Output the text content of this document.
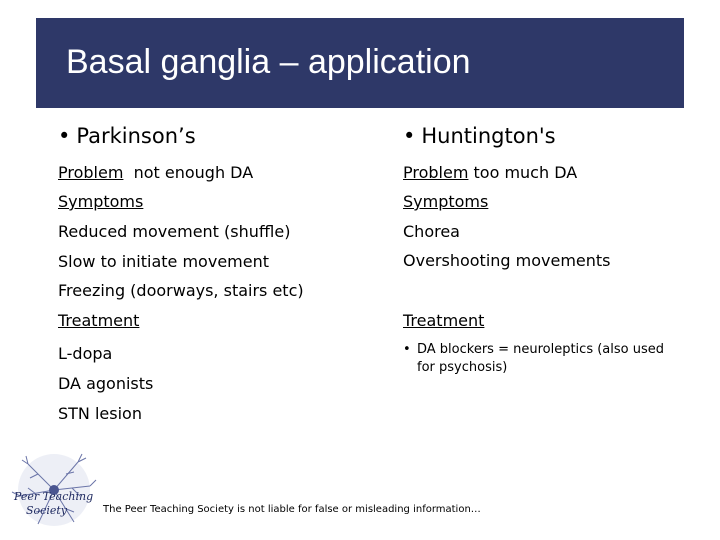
Basal ganglia – application
• Parkinson’s
Problem  not enough DA
Symptoms
Reduced movement (shuffle)
Slow to initiate movement
Freezing (doorways, stairs etc)
Treatment
L-dopa
DA agonists
STN lesion
• Huntington's
Problem too much DA
Symptoms
Chorea
Overshooting movements
Treatment
• DA blockers = neuroleptics (also used for psychosis)
Peer Teaching
Society	The Peer Teaching Society is not liable for false or misleading information…
